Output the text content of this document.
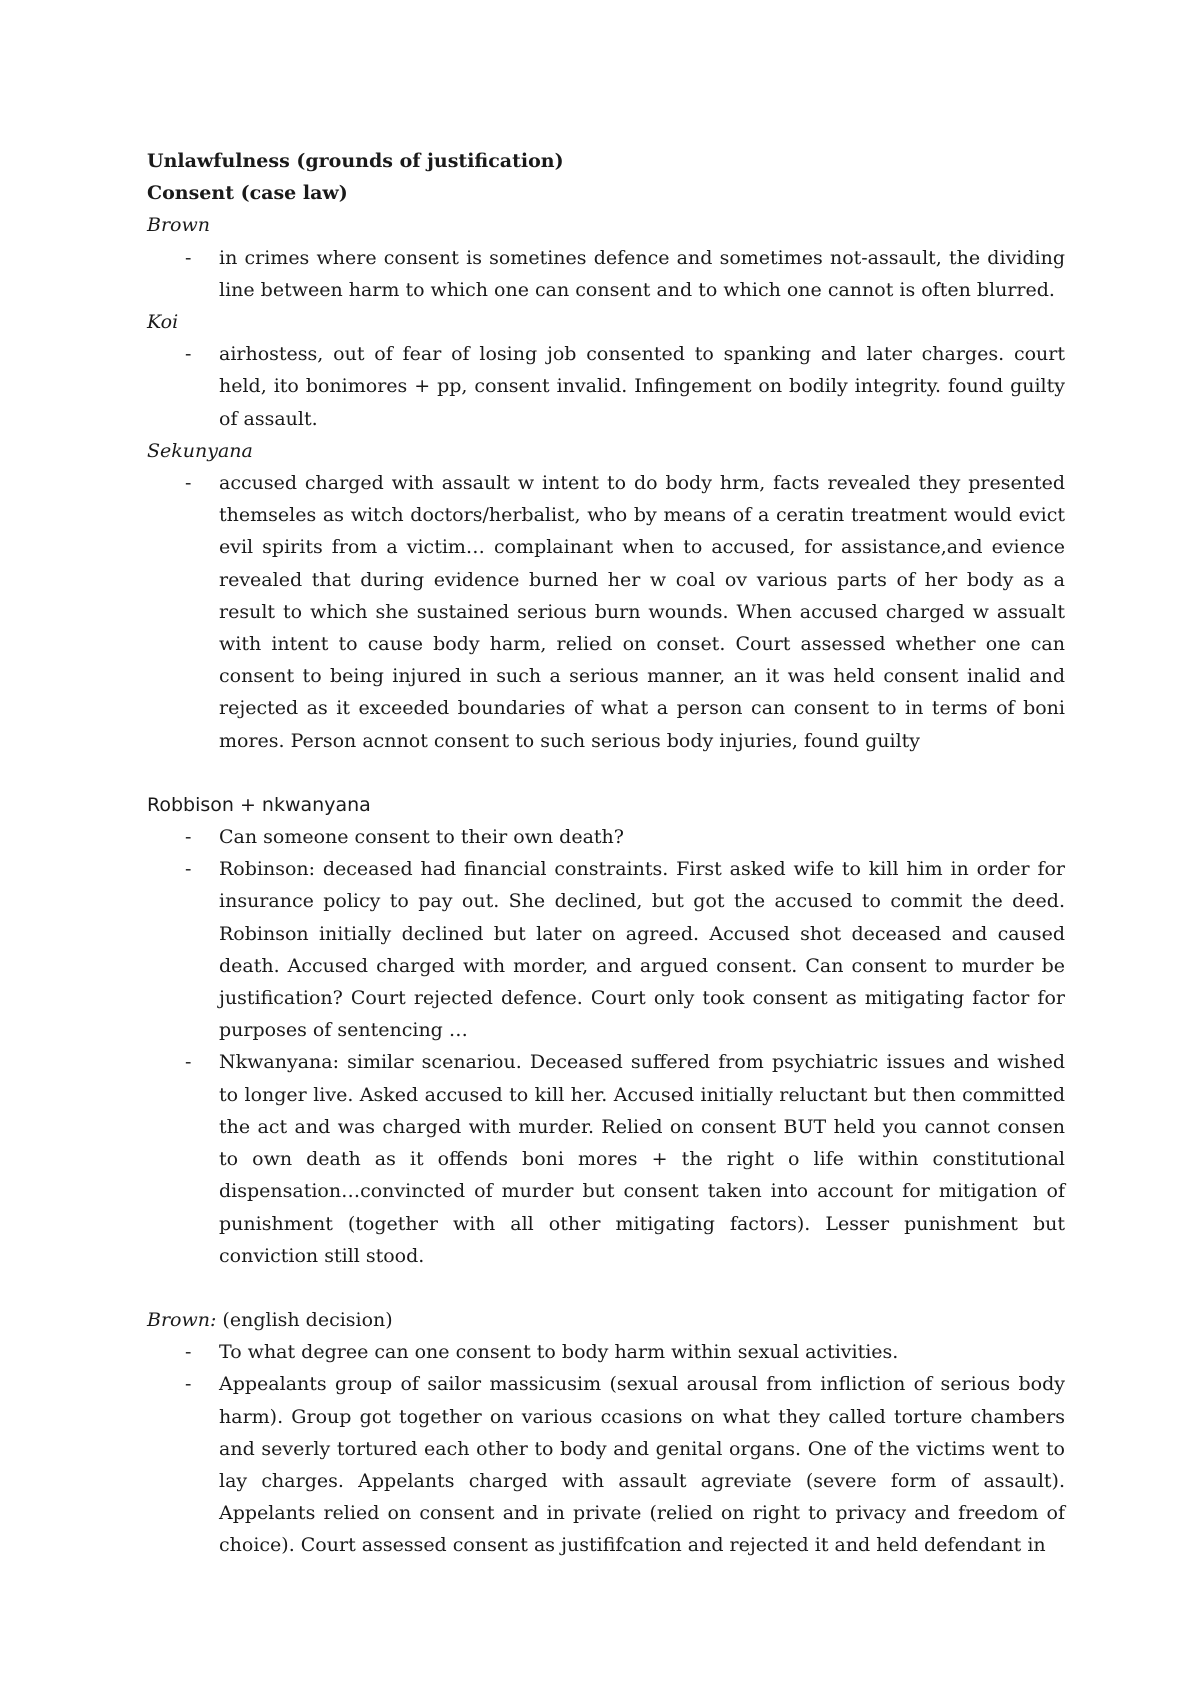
Unlawfulness (grounds of justification)

Consent (case law)

Brown

- in crimes where consent is sometines defence and sometimes not-assault, the dividing line between harm to which one can consent and to which one cannot is often blurred.

Koi

- airhostess, out of fear of losing job consented to spanking and later charges. court held, ito bonimores + pp, consent invalid. Infingement on bodily integrity. found guilty of assault.

Sekunyana

- accused charged with assault w intent to do body hrm, facts revealed they presented themseles as witch doctors/herbalist, who by means of a ceratin treatment would evict evil spirits from a victim… complainant when to accused, for assistance,and evience revealed that during evidence burned her w coal ov various parts of her body as a result to which she sustained serious burn wounds. When accused charged w assualt with intent to cause body harm, relied on conset. Court assessed whether one can consent to being injured in such a serious manner, an it was held consent inalid and rejected as it exceeded boundaries of what a person can consent to in terms of boni mores. Person acnnot consent to such serious body injuries, found guilty

Robbison + nkwanyana

- Can someone consent to their own death?
- Robinson: deceased had financial constraints. First asked wife to kill him in order for insurance policy to pay out. She declined, but got the accused to commit the deed. Robinson initially declined but later on agreed. Accused shot deceased and caused death. Accused charged with morder, and argued consent. Can consent to murder be justification? Court rejected defence. Court only took consent as mitigating factor for purposes of sentencing …
- Nkwanyana: similar scenariou. Deceased suffered from psychiatric issues and wished to longer live. Asked accused to kill her. Accused initially reluctant but then committed the act and was charged with murder. Relied on consent BUT held you cannot consen to own death as it offends boni mores + the right o life within constitutional dispensation…convincted of murder but consent taken into account for mitigation of punishment (together with all other mitigating factors). Lesser punishment but conviction still stood.

Brown: (english decision)

- To what degree can one consent to body harm within sexual activities.
- Appealants group of sailor massicusim (sexual arousal from infliction of serious body harm). Group got together on various ccasions on what they called torture chambers and severly tortured each other to body and genital organs. One of the victims went to lay charges. Appelants charged with assault agreviate (severe form of assault). Appelants relied on consent and in private (relied on right to privacy and freedom of choice). Court assessed consent as justififcation and rejected it and held defendant in
